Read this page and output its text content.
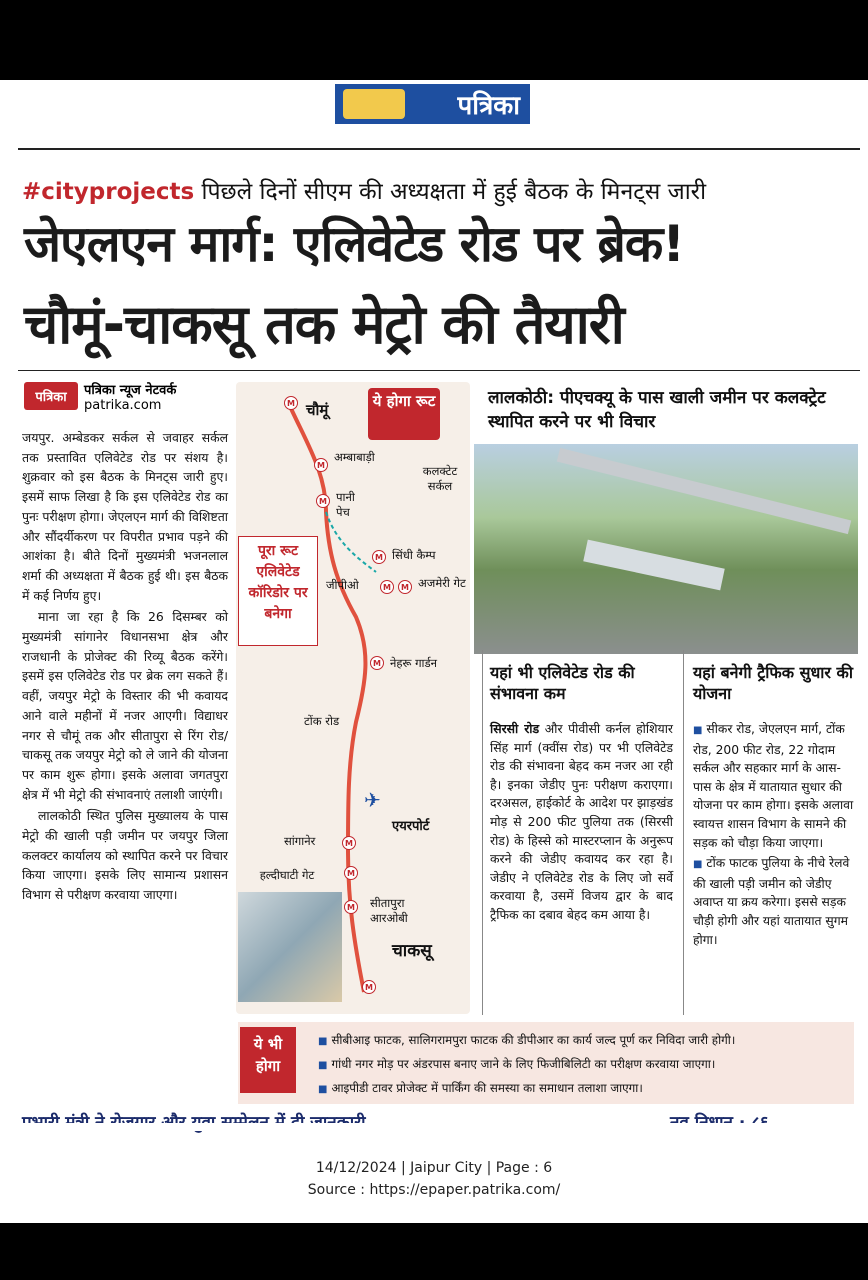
पत्रिका
#cityprojects पिछले दिनों सीएम की अध्यक्षता में हुई बैठक के मिनट्स जारी
जेएलएन मार्ग: एलिवेटेड रोड पर ब्रेक!
चौमूं-चाकसू तक मेट्रो की तैयारी
पत्रिका	पत्रिका न्यूज नेटवर्क
patrika.com

जयपुर. अम्बेडकर सर्कल से जवाहर सर्कल तक प्रस्तावित एलिवेटेड रोड पर संशय है। शुक्रवार को इस बैठक के मिनट्स जारी हुए। इसमें साफ लिखा है कि इस एलिवेटेड रोड का पुनः परीक्षण होगा। जेएलएन मार्ग की विशिष्टता और सौंदर्यीकरण पर विपरीत प्रभाव पड़ने की आशंका है। बीते दिनों मुख्यमंत्री भजनलाल शर्मा की अध्यक्षता में बैठक हुई थी। इस बैठक में कई निर्णय हुए।

माना जा रहा है कि 26 दिसम्बर को मुख्यमंत्री सांगानेर विधानसभा क्षेत्र और राजधानी के प्रोजेक्ट की रिव्यू बैठक करेंगे। इसमें इस एलिवेटेड रोड पर ब्रेक लग सकते हैं। वहीं, जयपुर मेट्रो के विस्तार की भी कवायद आने वाले महीनों में नजर आएगी। विद्याधर नगर से चौमूं तक और सीतापुरा से रिंग रोड/चाकसू तक जयपुर मेट्रो को ले जाने की योजना पर काम शुरू होगा। इसके अलावा जगतपुरा क्षेत्र में भी मेट्रो की संभावनाएं तलाशी जाएंगी।

लालकोठी स्थित पुलिस मुख्यालय के पास मेट्रो की खाली पड़ी जमीन पर जयपुर जिला कलक्टर कार्यालय को स्थापित करने पर विचार किया जाएगा। इसके लिए सामान्य प्रशासन विभाग से परीक्षण करवाया जाएगा।

ये होगा रूट
पूरा रूट एलिवेटेड कॉरिडोर पर बनेगा
M चौमूं
M
अम्बाबाड़ी
M पानी पेच
कलक्टेट सर्कल
M सिंधी कैम्प
जीपीओ	M	M अजमेरी गेट
M नेहरू गार्डन
टोंक रोड
✈
एयरपोर्ट
सांगानेर	M
M
हल्दीघाटी गेट
M सीतापुरा आरओबी
चाकसू
M
लालकोठी: पीएचक्यू के पास खाली जमीन पर कलक्ट्रेट स्थापित करने पर भी विचार
यहां भी एलिवेटेड रोड की संभावना कम

सिरसी रोड और पीवीसी कर्नल होशियार सिंह मार्ग (क्वींस रोड) पर भी एलिवेटेड रोड की संभावना बेहद कम नजर आ रही है। इनका जेडीए पुनः परीक्षण कराएगा। दरअसल, हाईकोर्ट के आदेश पर झाड़खंड मोड़ से 200 फीट पुलिया तक (सिरसी रोड) के हिस्से को मास्टरप्लान के अनुरूप करने की जेडीए कवायद कर रहा है। जेडीए ने एलिवेटेड रोड के लिए जो सर्वे करवाया है, उसमें विजय द्वार के बाद ट्रैफिक का दबाव बेहद कम आया है।

यहां बनेगी ट्रैफिक सुधार की योजना

■ सीकर रोड, जेएलएन मार्ग, टोंक रोड, 200 फीट रोड, 22 गोदाम सर्कल और सहकार मार्ग के आस-पास के क्षेत्र में यातायात सुधार की योजना पर काम होगा। इसके अलावा स्वायत्त शासन विभाग के सामने की सड़क को चौड़ा किया जाएगा।

■ टोंक फाटक पुलिया के नीचे रेलवे की खाली पड़ी जमीन को जेडीए अवाप्त या क्रय करेगा। इससे सड़क चौड़ी होगी और यहां यातायात सुगम होगा।

ये भी होगा
■ सीबीआइ फाटक, सालिगरामपुरा फाटक की डीपीआर का कार्य जल्द पूर्ण कर निविदा जारी होगी।
■ गांधी नगर मोड़ पर अंडरपास बनाए जाने के लिए फिजीबिलिटी का परीक्षण करवाया जाएगा।
■ आइपीडी टावर प्रोजेक्ट में पार्किंग की समस्या का समाधान तलाशा जाएगा।
14/12/2024 | Jaipur City | Page : 6
Source : https://epaper.patrika.com/
